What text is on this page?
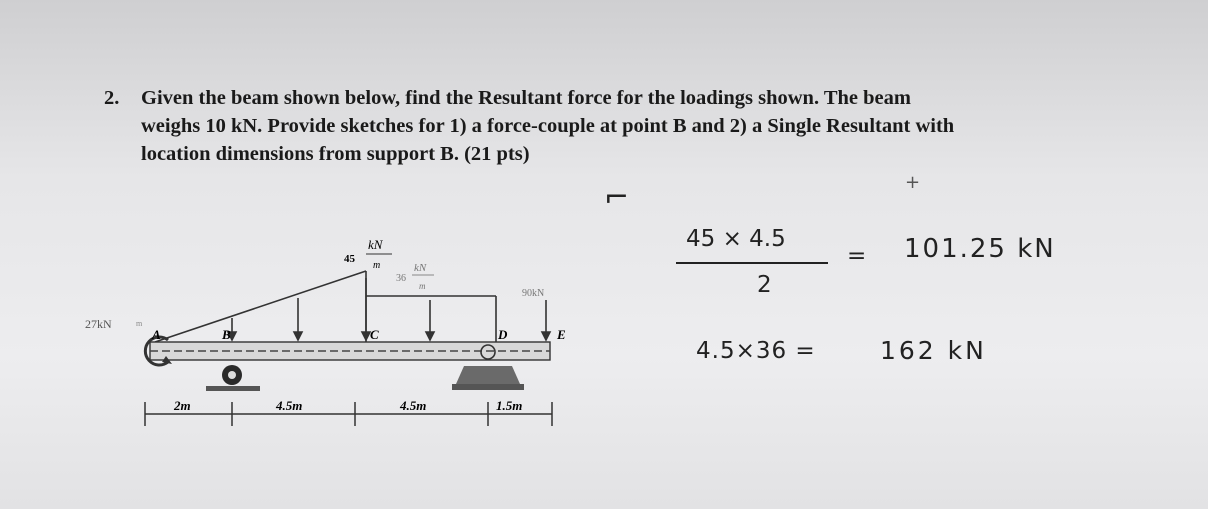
2. Given the beam shown below, find the Resultant force for the loadings shown. The beam
weighs 10 kN. Provide sketches for 1) a force-couple at point B and 2) a Single Resultant with
location dimensions from support B. (21 pts)
45
kN
m
36
kN
m
90kN
27kN	m
A	B	C	D	E
2m	4.5m	4.5m	1.5m
⌐	+
45 × 4.5
2
= 101.25 kN
4.5×36 =	162 kN
